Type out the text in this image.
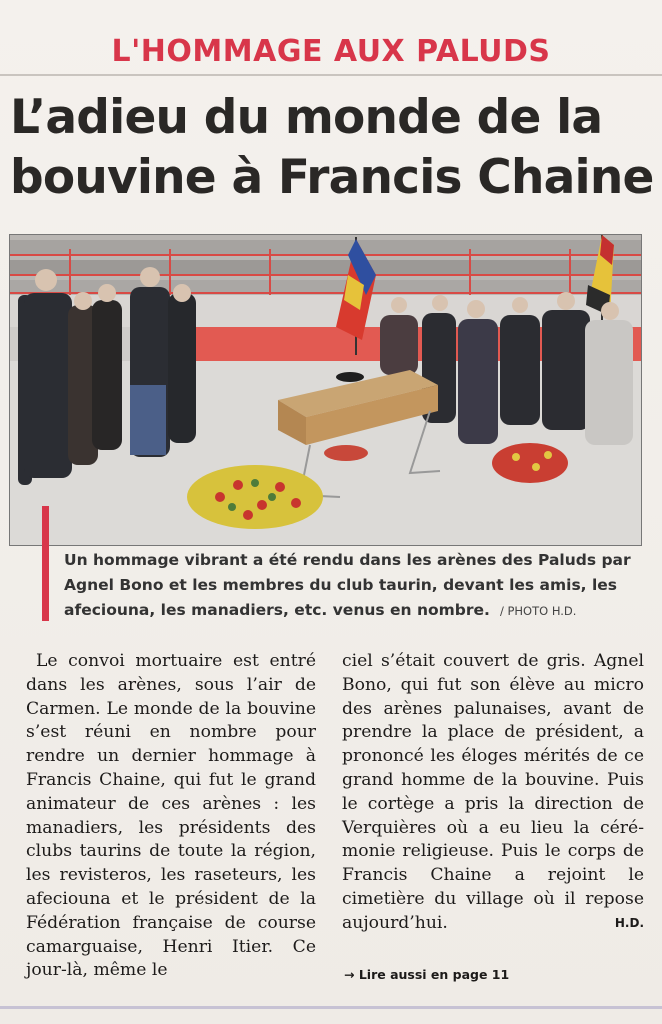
L'HOMMAGE AUX PALUDS
L’adieu du monde de la bouvine à Francis Chaine
Un hommage vibrant a été rendu dans les arènes des Paluds par Agnel Bono et les membres du club taurin, devant les amis, les afeciouna, les manadiers, etc. venus en nombre. / PHOTO H.D.

Le convoi mortuaire est entré dans les arènes, sous l’air de Carmen. Le monde de la bouvine s’est réuni en nombre pour rendre un dernier hommage à Francis Chaine, qui fut le grand animateur de ces arènes : les manadiers, les présidents des clubs taurins de toute la région, les revisteros, les raseteurs, les afeciouna et le président de la Fédération française de course camarguaise, Henri Itier. Ce jour-là, même le

ciel s’était couvert de gris. Agnel Bono, qui fut son élève au micro des arènes palunaises, avant de prendre la place de président, a prononcé les éloges mérités de ce grand homme de la bouvine. Puis le cortège a pris la direction de Verquières où a eu lieu la cérémonie religieuse. Puis le corps de Francis Chaine a rejoint le cimetière du village où il repose aujourd’hui.	H.D.

→ Lire aussi en page 11
